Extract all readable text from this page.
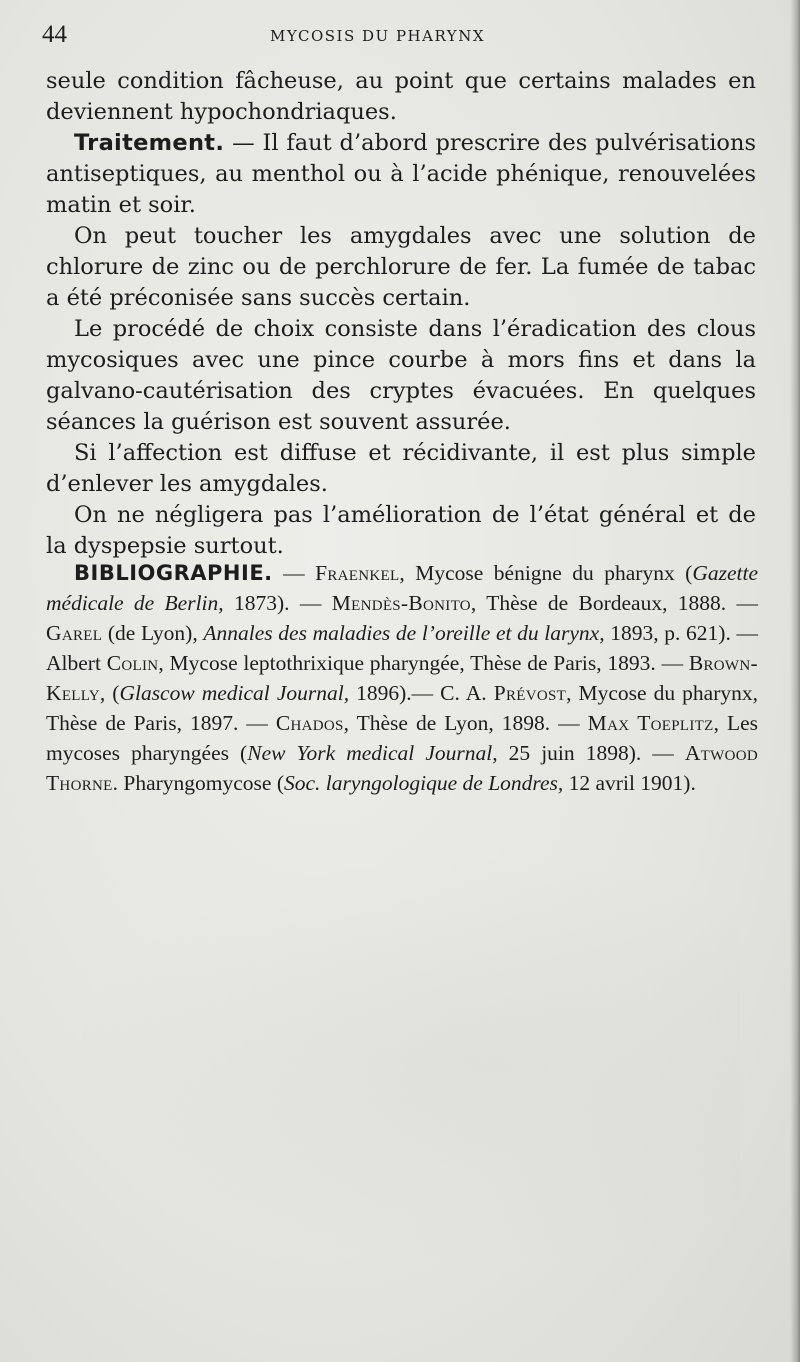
44	MYCOSIS DU PHARYNX

seule condition fâcheuse, au point que certains malades en deviennent hypochondriaques.

Traitement. — Il faut d’abord prescrire des pulvérisations antiseptiques, au menthol ou à l’acide phénique, renouvelées matin et soir.

On peut toucher les amygdales avec une solution de chlorure de zinc ou de perchlorure de fer. La fumée de tabac a été préconisée sans succès certain.

Le procédé de choix consiste dans l’éradication des clous mycosiques avec une pince courbe à mors fins et dans la galvano-cautérisation des cryptes évacuées. En quelques séances la guérison est souvent assurée.

Si l’affection est diffuse et récidivante, il est plus simple d’enlever les amygdales.

On ne négligera pas l’amélioration de l’état général et de la dyspepsie surtout.

BIBLIOGRAPHIE. — Fraenkel, Mycose bénigne du pharynx (Gazette médicale de Berlin, 1873). — Mendès-Bonito, Thèse de Bordeaux, 1888. — Garel (de Lyon), Annales des maladies de l’oreille et du larynx, 1893, p. 621). — Albert Colin, Mycose leptothrixique pharyngée, Thèse de Paris, 1893. — Brown-Kelly, (Glascow medical Journal, 1896).— C. A. Prévost, Mycose du pharynx, Thèse de Paris, 1897. — Chados, Thèse de Lyon, 1898. — Max Toeplitz, Les mycoses pharyngées (New York medical Journal, 25 juin 1898). — Atwood Thorne. Pharyngomycose (Soc. laryngologique de Londres, 12 avril 1901).
